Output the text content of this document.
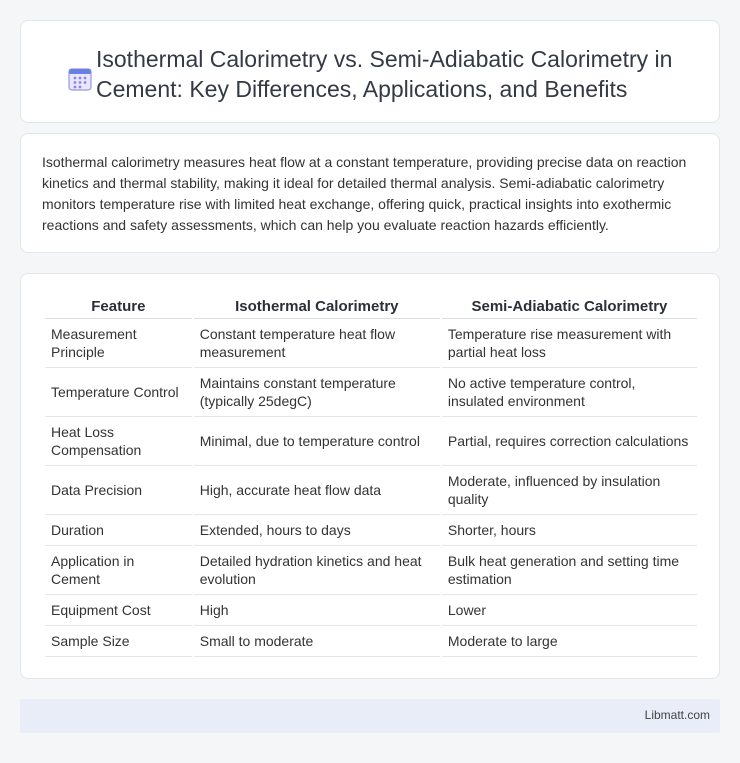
Isothermal Calorimetry vs. Semi-Adiabatic Calorimetry in Cement: Key Differences, Applications, and Benefits

Isothermal calorimetry measures heat flow at a constant temperature, providing precise data on reaction kinetics and thermal stability, making it ideal for detailed thermal analysis. Semi-adiabatic calorimetry monitors temperature rise with limited heat exchange, offering quick, practical insights into exothermic reactions and safety assessments, which can help you evaluate reaction hazards efficiently.

Feature	Isothermal Calorimetry	Semi-Adiabatic Calorimetry
Measurement Principle	Constant temperature heat flow measurement	Temperature rise measurement with partial heat loss
Temperature Control	Maintains constant temperature (typically 25degC)	No active temperature control, insulated environment
Heat Loss Compensation	Minimal, due to temperature control	Partial, requires correction calculations
Data Precision	High, accurate heat flow data	Moderate, influenced by insulation quality
Duration	Extended, hours to days	Shorter, hours
Application in Cement	Detailed hydration kinetics and heat evolution	Bulk heat generation and setting time estimation
Equipment Cost	High	Lower
Sample Size	Small to moderate	Moderate to large
Libmatt.com
